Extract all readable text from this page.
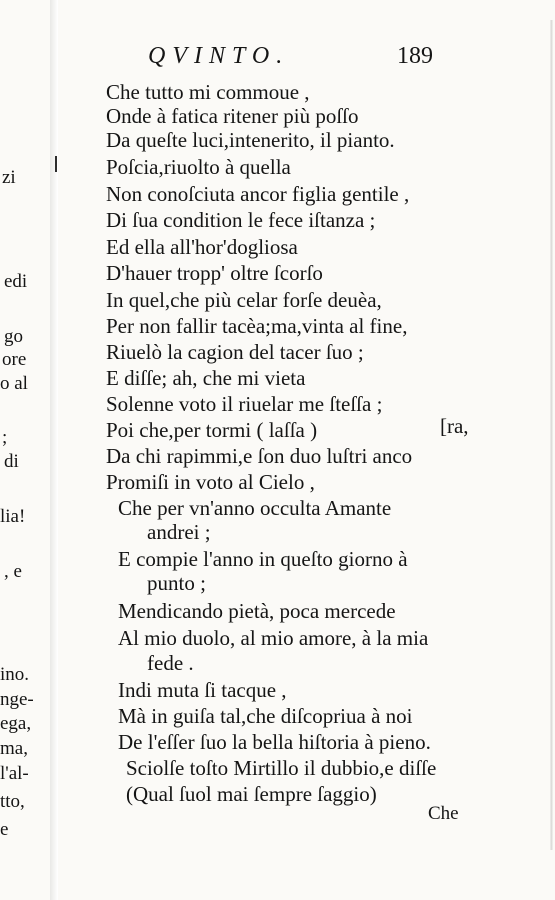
zi
edi
go
ore
o al
;
di
lia!
, e
ino.
nge-
ega,
ma,
l'al-
tto,
e
QVINTO.	189
Che tutto mi commoue ,
Onde à fatica ritener più poſſo
Da queſte luci,intenerito, il pianto.
Poſcia,riuolto à quella
Non conoſciuta ancor figlia gentile ,
Di ſua condition le fece iſtanza ;
Ed ella all'hor'dogliosa
D'hauer tropp' oltre ſcorſo
In quel,che più celar forſe deuèa,
Per non fallir tacèa;ma,vinta al fine,
Riuelò la cagion del tacer ſuo ;
E diſſe; ah, che mi vieta
Solenne voto il riuelar me ſteſſa ;
Poi che,per tormi ( laſſa )	[ra,
Da chi rapimmi,e ſon duo luſtri anco
Promiſi in voto al Cielo ,
Che per vn'anno occulta Amante
andrei ;
E compie l'anno in queſto giorno à
punto ;
Mendicando pietà, poca mercede
Al mio duolo, al mio amore, à la mia
fede .
Indi muta ſi tacque ,
Mà in guiſa tal,che diſcopriua à noi
De l'eſſer ſuo la bella hiſtoria à pieno.
Sciolſe toſto Mirtillo il dubbio,e diſſe
(Qual ſuol mai ſempre ſaggio)
Che
